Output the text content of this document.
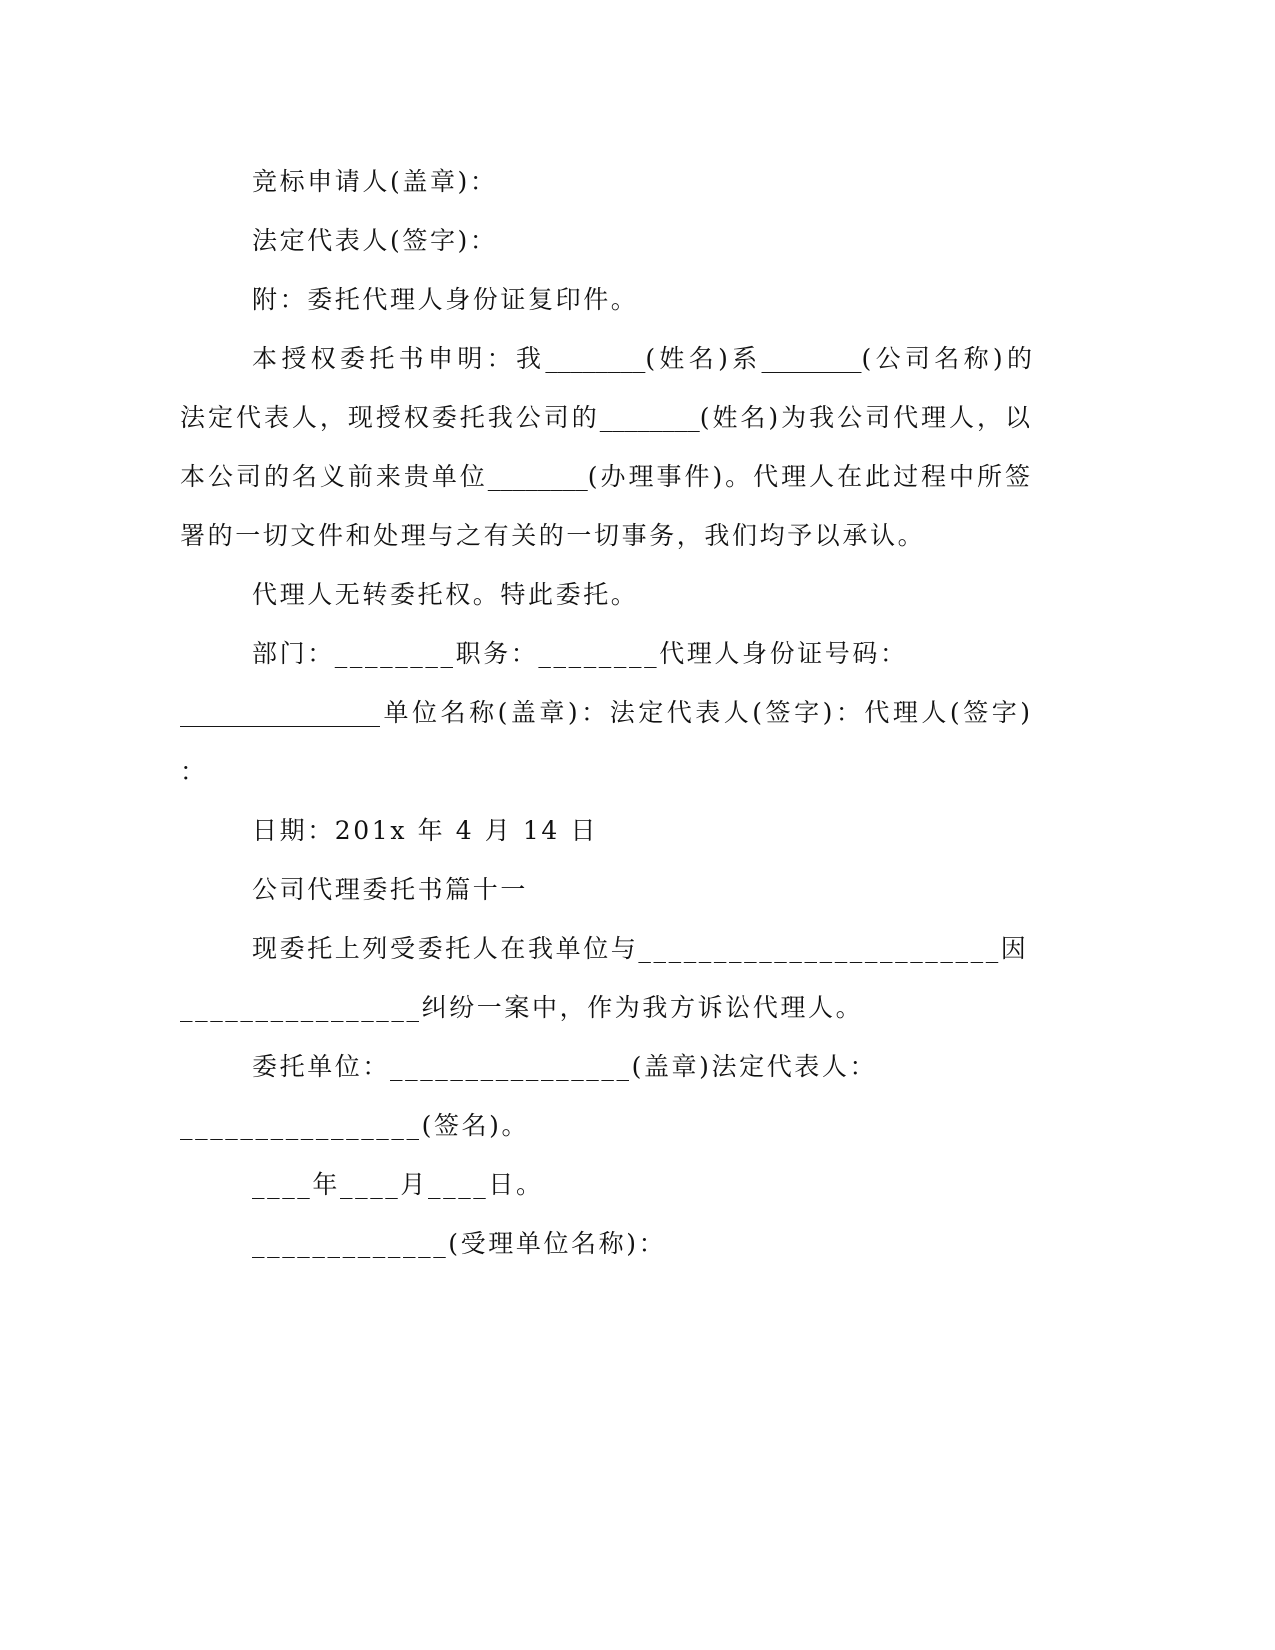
竞标申请人(盖章)：
法定代表人(签字)：
附：委托代理人身份证复印件。
本授权委托书申明：我________(姓名)系________(公司名称)的
法定代表人，现授权委托我公司的________(姓名)为我公司代理人，以
本公司的名义前来贵单位________(办理事件)。代理人在此过程中所签
署的一切文件和处理与之有关的一切事务，我们均予以承认。
代理人无转委托权。特此委托。
部门：________职务：________代理人身份证号码：
________________单位名称(盖章)：法定代表人(签字)：代理人(签字)
：
日期：201x 年 4 月 14 日
公司代理委托书篇十一
现委托上列受委托人在我单位与________________________因
________________纠纷一案中，作为我方诉讼代理人。
委托单位：________________(盖章)法定代表人：
________________(签名)。
____年____月____日。
_____________(受理单位名称)：
